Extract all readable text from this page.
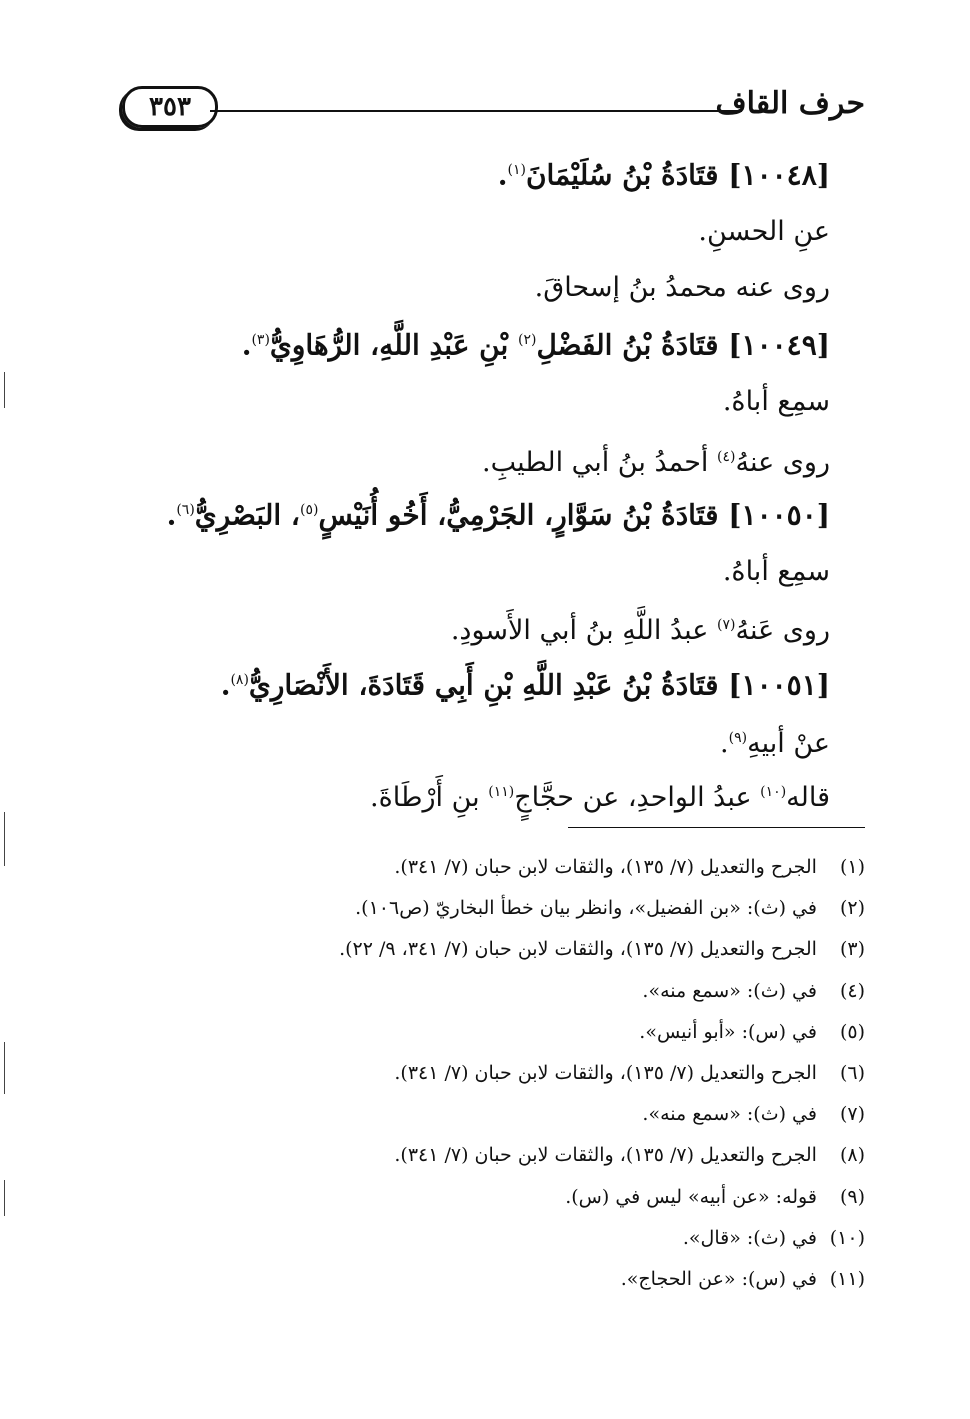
حرف القاف
٣٥٣
[١٠٠٤٨] قتَادَةُ بْنُ سُلَيْمَانَ$^{(١)}$.
عنِ الحسنِ.
روى عنه محمدُ بنُ إسحاقَ.
[١٠٠٤٩] قتَادَةُ بْنُ الفَضْلِ$^{(٢)}$ بْنِ عَبْدِ اللَّهِ، الرُّهَاوِيُّ$^{(٣)}$.
سمِع أباهُ.
روى عنهُ$^{(٤)}$ أحمدُ بنُ أبي الطيبِ.
[١٠٠٥٠] قتَادَةُ بْنُ سَوَّارٍ، الجَرْمِيُّ، أَخُو أُنَيْسٍ$^{(٥)}$، البَصْرِيُّ$^{(٦)}$.
سمِع أباهُ.
روى عَنهُ$^{(٧)}$ عبدُ اللَّهِ بنُ أبي الأَسودِ.
[١٠٠٥١] قتَادَةُ بْنُ عَبْدِ اللَّهِ بْنِ أَبِي قَتَادَةَ، الأَنْصَارِيُّ$^{(٨)}$.
عنْ أبيهِ$^{(٩)}$.
قاله$^{(١٠)}$ عبدُ الواحدِ، عن حجَّاجٍ$^{(١١)}$ بنِ أَرْطَاةَ.
(١) الجرح والتعديل (٧/ ١٣٥)، والثقات لابن حبان (٧/ ٣٤١).
(٢) في (ث): «بن الفضيل»، وانظر بيان خطأ البخاريّ (ص١٠٦).
(٣) الجرح والتعديل (٧/ ١٣٥)، والثقات لابن حبان (٧/ ٣٤١، ٩/ ٢٢).
(٤) في (ث): «سمع منه».
(٥) في (س): «أبو أنيس».
(٦) الجرح والتعديل (٧/ ١٣٥)، والثقات لابن حبان (٧/ ٣٤١).
(٧) في (ث): «سمع منه».
(٨) الجرح والتعديل (٧/ ١٣٥)، والثقات لابن حبان (٧/ ٣٤١).
(٩) قوله: «عن أبيه» ليس في (س).
(١٠) في (ث): «قال».
(١١) في (س): «عن الحجاج».
